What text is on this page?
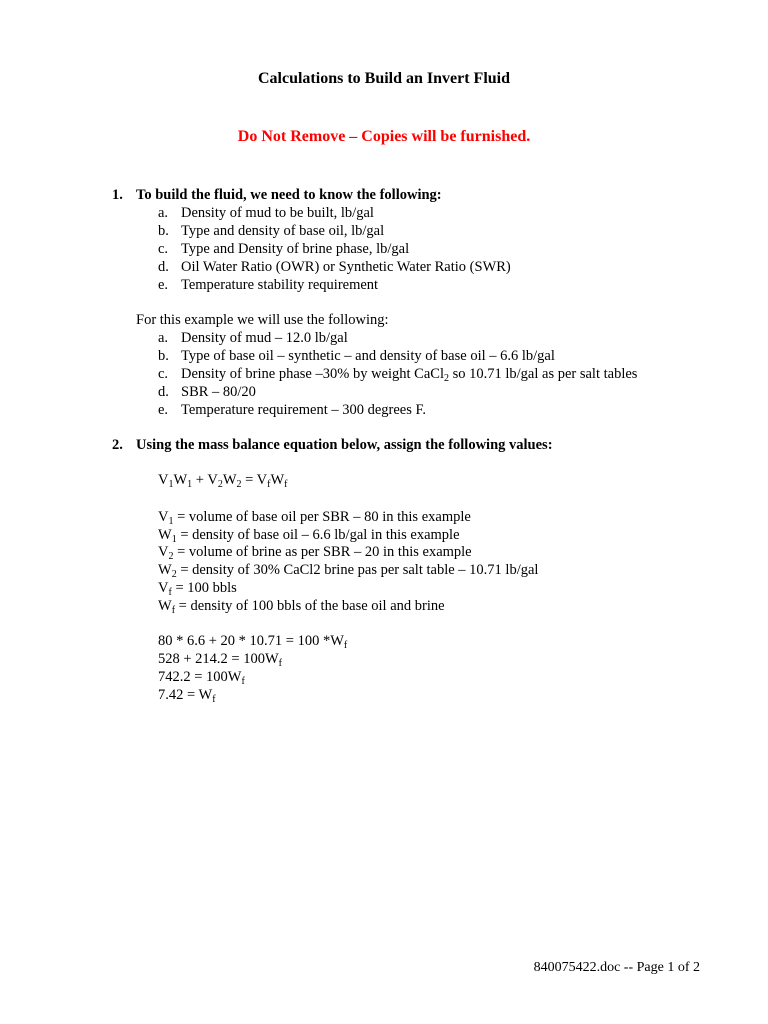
Calculations to Build an Invert Fluid
Do Not Remove – Copies will be furnished.
1. To build the fluid, we need to know the following:
a. Density of mud to be built, lb/gal
b. Type and density of base oil, lb/gal
c. Type and Density of brine phase, lb/gal
d. Oil Water Ratio (OWR) or Synthetic Water Ratio (SWR)
e. Temperature stability requirement
For this example we will use the following:
a. Density of mud – 12.0 lb/gal
b. Type of base oil – synthetic – and density of base oil – 6.6 lb/gal
c. Density of brine phase –30% by weight CaCl$_2$ so 10.71 lb/gal as per salt tables
d. SBR – 80/20
e. Temperature requirement – 300 degrees F.
2. Using the mass balance equation below, assign the following values:
$V_1W_1 + V_2W_2 = V_fW_f$
$V_1$ = volume of base oil per SBR – 80 in this example
$W_1$ = density of base oil – 6.6 lb/gal in this example
$V_2$ = volume of brine as per SBR – 20 in this example
$W_2$ = density of 30% CaCl2 brine pas per salt table – 10.71 lb/gal
$V_f = 100$ bbls
$W_f$ = density of 100 bbls of the base oil and brine
80 * 6.6 + 20 * 10.71 = 100 $*W_f$
$528 + 214.2 = 100W_f$
$742.2 = 100W_f$
$7.42 = W_f$
840075422.doc -- Page 1 of 2
